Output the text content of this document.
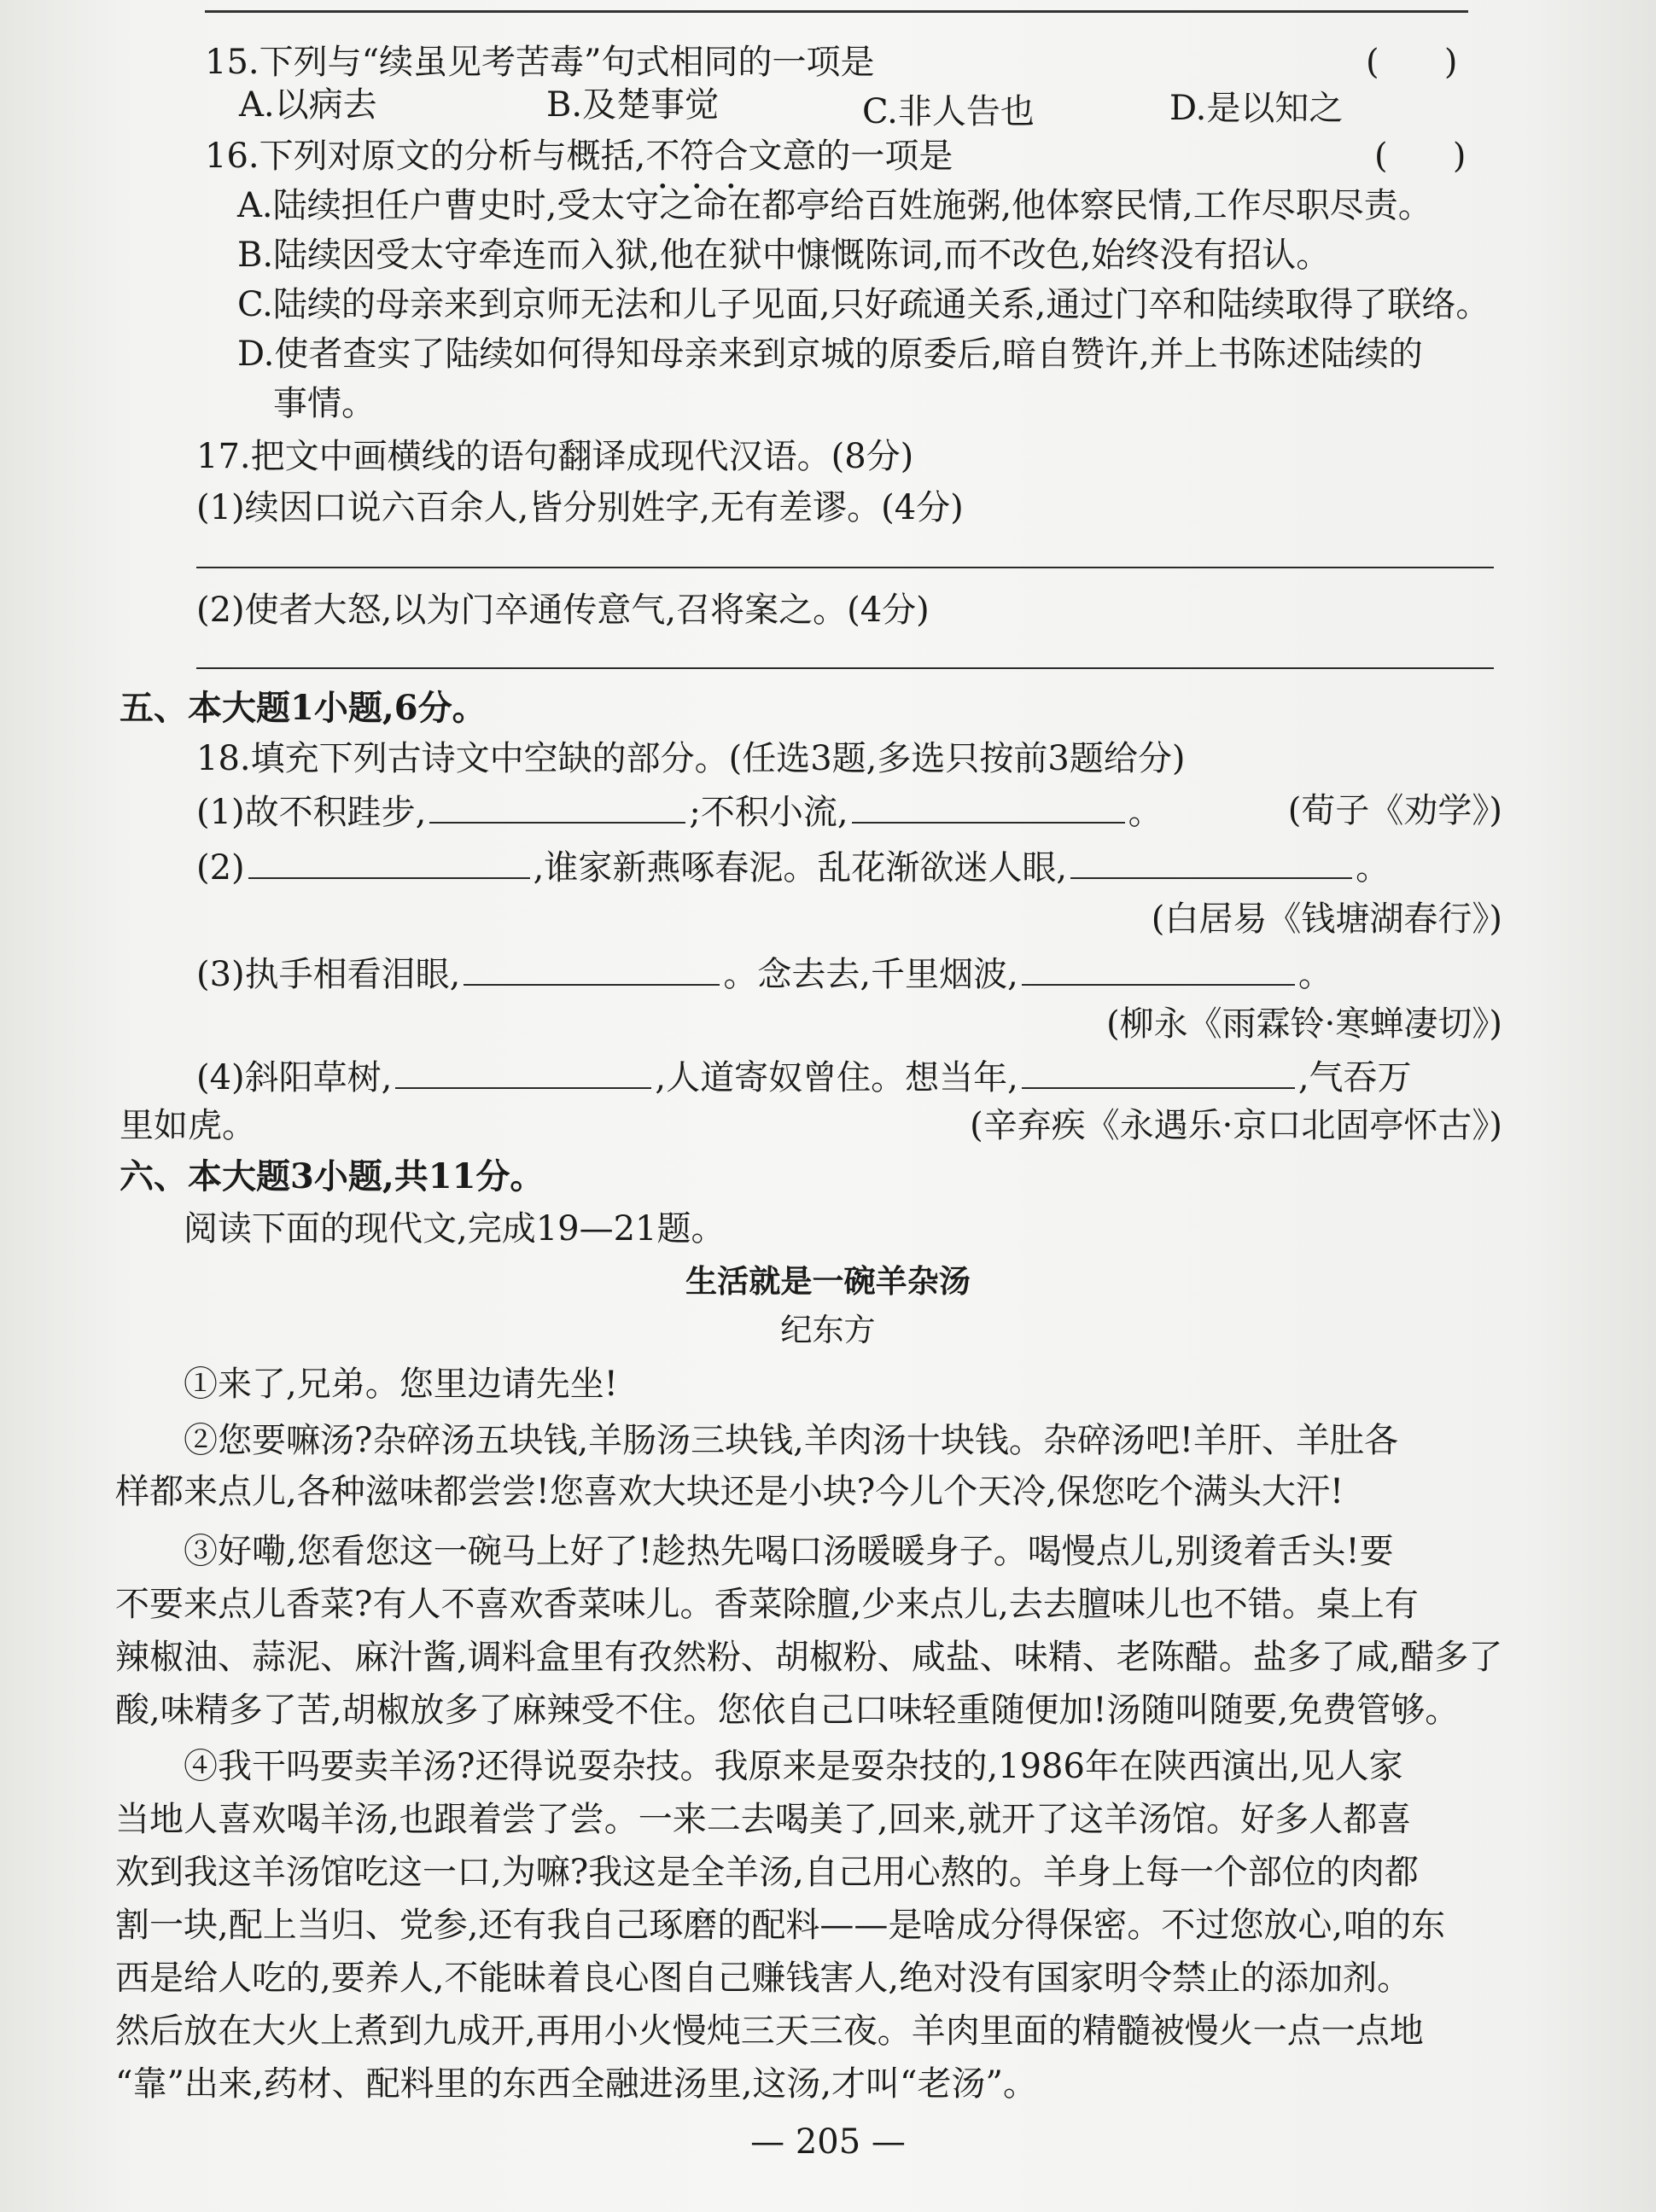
15.下列与“续虽见考苦毒”句式相同的一项是	(      )
A.以病去	B.及楚事觉	C.非人告也	D.是以知之
16.下列对原文的分析与概括,不符合文意的一项是	(      )
A.陆续担任户曹史时,受太守之命在都亭给百姓施粥,他体察民情,工作尽职尽责。
B.陆续因受太守牵连而入狱,他在狱中慷慨陈词,而不改色,始终没有招认。
C.陆续的母亲来到京师无法和儿子见面,只好疏通关系,通过门卒和陆续取得了联络。
D.使者查实了陆续如何得知母亲来到京城的原委后,暗自赞许,并上书陈述陆续的
事情。
17.把文中画横线的语句翻译成现代汉语。(8分)
(1)续因口说六百余人,皆分别姓字,无有差谬。(4分)
(2)使者大怒,以为门卒通传意气,召将案之。(4分)
五、本大题1小题,6分。
18.填充下列古诗文中空缺的部分。(任选3题,多选只按前3题给分)
(1)故不积跬步,	;不积小流,	。	(荀子《劝学》)
(2)	,谁家新燕啄春泥。乱花渐欲迷人眼,	。
(白居易《钱塘湖春行》)
(3)执手相看泪眼,	。念去去,千里烟波,	。
(柳永《雨霖铃·寒蝉凄切》)
(4)斜阳草树,	,人道寄奴曾住。想当年,	,气吞万
里如虎。	(辛弃疾《永遇乐·京口北固亭怀古》)
六、本大题3小题,共11分。
阅读下面的现代文,完成19—21题。
生活就是一碗羊杂汤
纪东方
①来了,兄弟。您里边请先坐!
②您要嘛汤?杂碎汤五块钱,羊肠汤三块钱,羊肉汤十块钱。杂碎汤吧!羊肝、羊肚各
样都来点儿,各种滋味都尝尝!您喜欢大块还是小块?今儿个天冷,保您吃个满头大汗!
③好嘞,您看您这一碗马上好了!趁热先喝口汤暖暖身子。喝慢点儿,别烫着舌头!要
不要来点儿香菜?有人不喜欢香菜味儿。香菜除膻,少来点儿,去去膻味儿也不错。桌上有
辣椒油、蒜泥、麻汁酱,调料盒里有孜然粉、胡椒粉、咸盐、味精、老陈醋。盐多了咸,醋多了
酸,味精多了苦,胡椒放多了麻辣受不住。您依自己口味轻重随便加!汤随叫随要,免费管够。
④我干吗要卖羊汤?还得说耍杂技。我原来是耍杂技的,1986年在陕西演出,见人家
当地人喜欢喝羊汤,也跟着尝了尝。一来二去喝美了,回来,就开了这羊汤馆。好多人都喜
欢到我这羊汤馆吃这一口,为嘛?我这是全羊汤,自己用心熬的。羊身上每一个部位的肉都
割一块,配上当归、党参,还有我自己琢磨的配料——是啥成分得保密。不过您放心,咱的东
西是给人吃的,要养人,不能昧着良心图自己赚钱害人,绝对没有国家明令禁止的添加剂。
然后放在大火上煮到九成开,再用小火慢炖三天三夜。羊肉里面的精髓被慢火一点一点地
“靠”出来,药材、配料里的东西全融进汤里,这汤,才叫“老汤”。
— 205 —
